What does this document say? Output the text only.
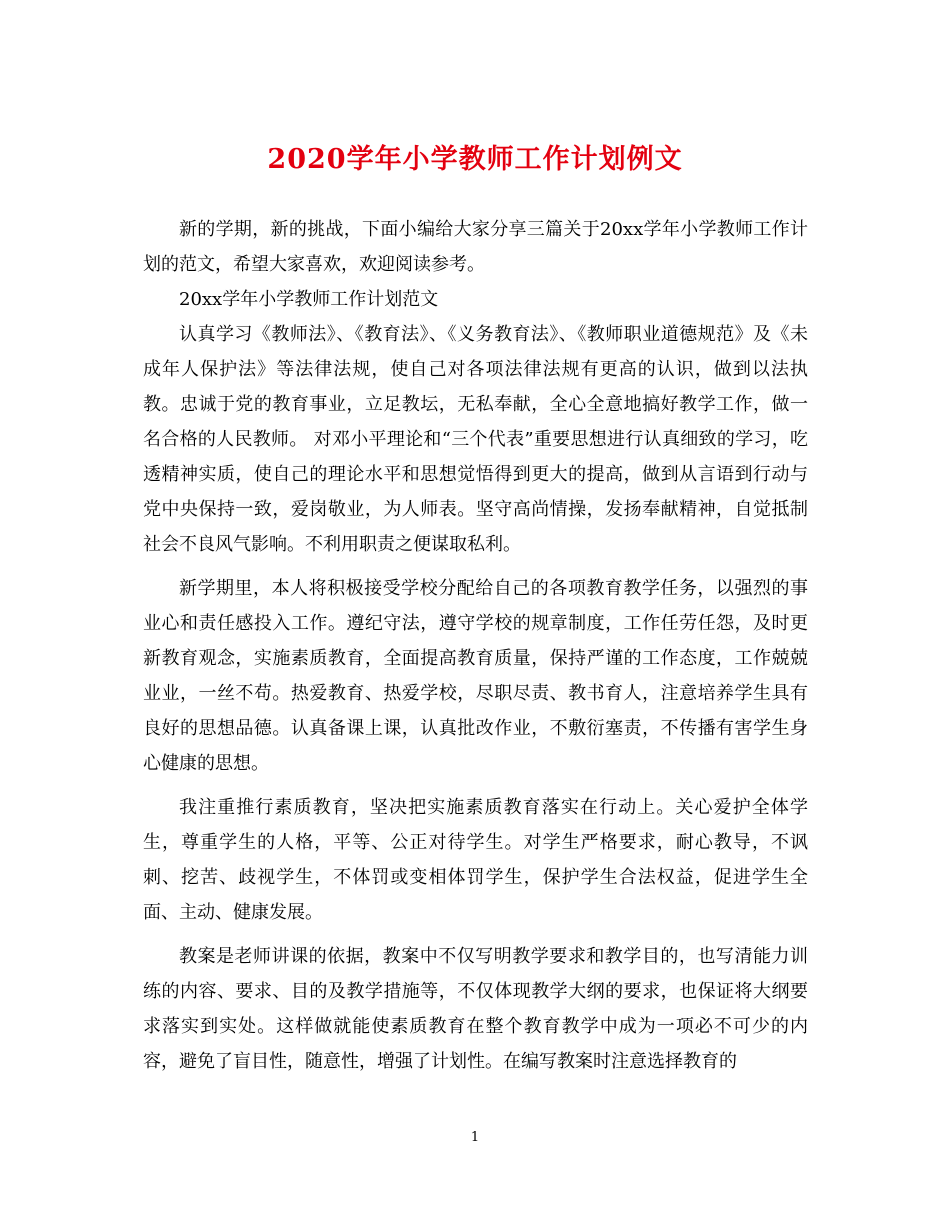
2020学年小学教师工作计划例文

新的学期，新的挑战，下面小编给大家分享三篇关于20xx学年小学教师工作计划的范文，希望大家喜欢，欢迎阅读参考。

20xx学年小学教师工作计划范文

认真学习《教师法》、《教育法》、《义务教育法》、《教师职业道德规范》及《未成年人保护法》等法律法规，使自己对各项法律法规有更高的认识，做到以法执教。忠诚于党的教育事业，立足教坛，无私奉献，全心全意地搞好教学工作，做一名合格的人民教师。 对邓小平理论和“三个代表”重要思想进行认真细致的学习，吃透精神实质，使自己的理论水平和思想觉悟得到更大的提高，做到从言语到行动与党中央保持一致，爱岗敬业，为人师表。坚守高尚情操，发扬奉献精神，自觉抵制社会不良风气影响。不利用职责之便谋取私利。

新学期里，本人将积极接受学校分配给自己的各项教育教学任务，以强烈的事业心和责任感投入工作。遵纪守法，遵守学校的规章制度，工作任劳任怨，及时更新教育观念，实施素质教育，全面提高教育质量，保持严谨的工作态度，工作兢兢业业，一丝不苟。热爱教育、热爱学校，尽职尽责、教书育人，注意培养学生具有良好的思想品德。认真备课上课，认真批改作业，不敷衍塞责，不传播有害学生身心健康的思想。

我注重推行素质教育，坚决把实施素质教育落实在行动上。关心爱护全体学生，尊重学生的人格，平等、公正对待学生。对学生严格要求，耐心教导，不讽刺、挖苦、歧视学生，不体罚或变相体罚学生，保护学生合法权益，促进学生全面、主动、健康发展。

教案是老师讲课的依据，教案中不仅写明教学要求和教学目的，也写清能力训练的内容、要求、目的及教学措施等，不仅体现教学大纲的要求，也保证将大纲要求落实到实处。这样做就能使素质教育在整个教育教学中成为一项必不可少的内容，避免了盲目性，随意性，增强了计划性。在编写教案时注意选择教育的

1
